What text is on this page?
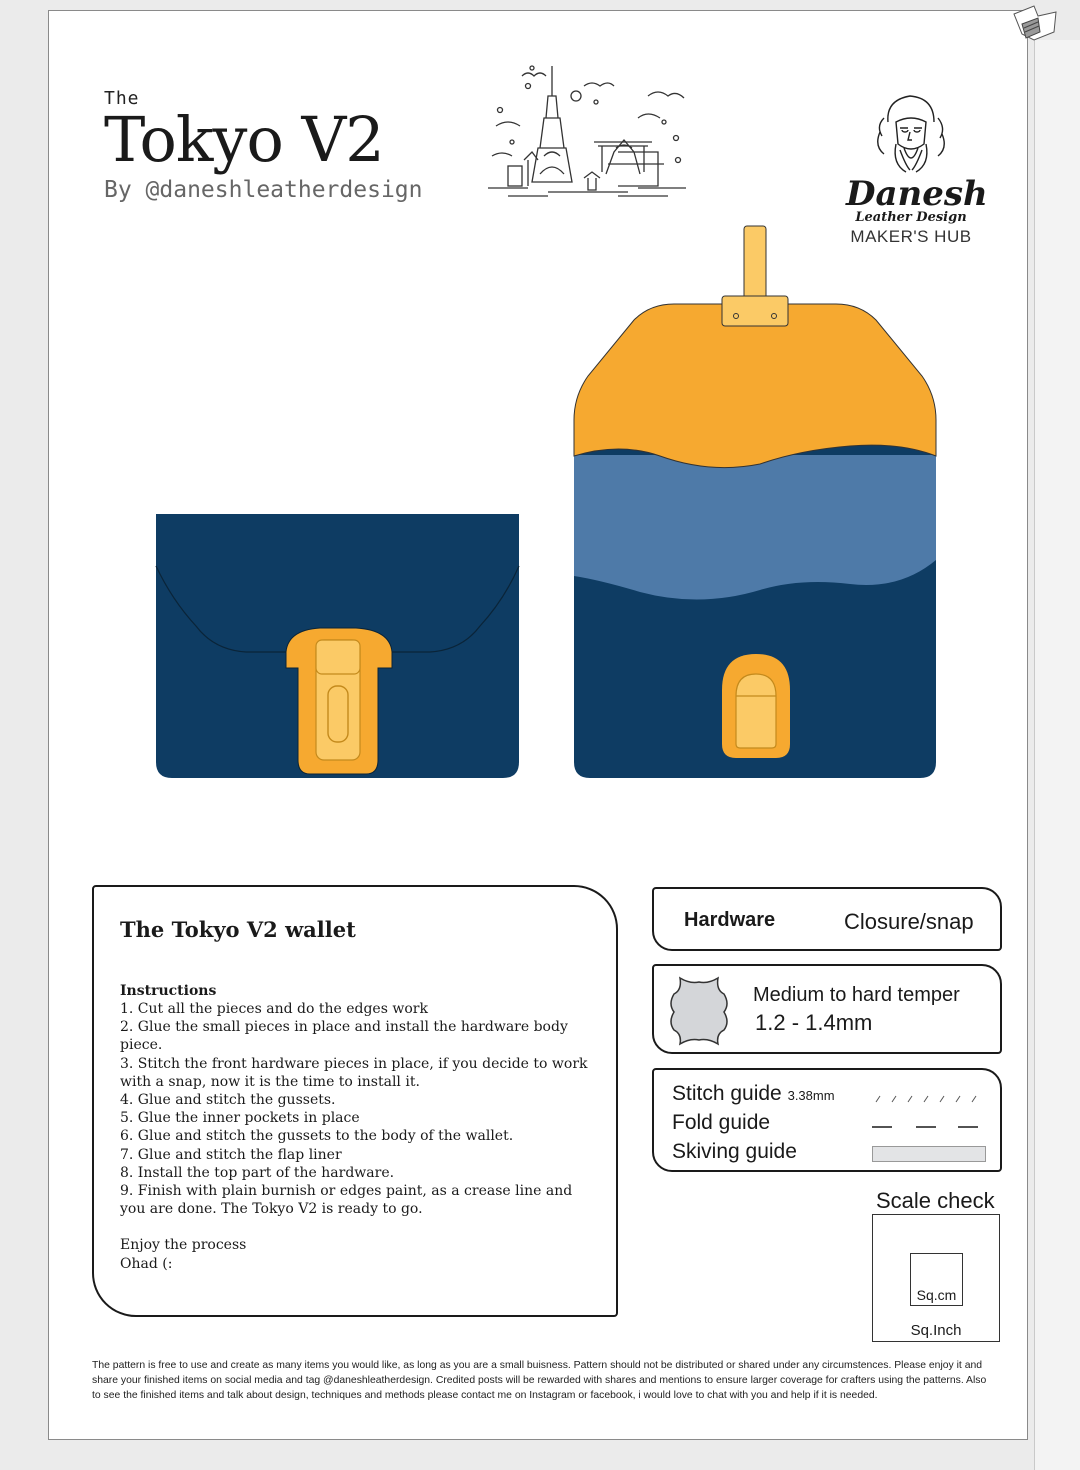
The
Tokyo V2
By @daneshleatherdesign	Danesh
Leather Design
MAKER'S HUB
The Tokyo V2 wallet
Instructions
1. Cut all the pieces and do the edges work
2. Glue the small pieces in place and install the hardware body
piece.
3. Stitch the front hardware pieces in place, if you decide to work
with a snap, now it is the time to install it.
4. Glue and stitch the gussets.
5. Glue the inner pockets in place
6. Glue and stitch the gussets to the body of the wallet.
7. Glue and stitch the flap liner
8. Install the top part of the hardware.
9. Finish with plain burnish or edges paint, as a crease line and
you are done. The Tokyo V2 is ready to go.
Enjoy the process
Ohad (:
Hardware	Closure/snap
Medium to hard temper
1.2 - 1.4mm
Stitch guide 3.38mm
Fold guide
Skiving guide
Scale check
Sq.cm
Sq.Inch
The pattern is free to use and create as many items you would like, as long as you are a small buisness. Pattern should not be distributed or shared under any circumstences. Please enjoy it and share your finished items on social media and tag @daneshleatherdesign. Credited posts will be rewarded with shares and mentions to ensure larger coverage for crafters using the patterns. Also to see the finished items and talk about design, techniques and methods please contact me on Instagram or facebook, i would love to chat with you and help if it is needed.
